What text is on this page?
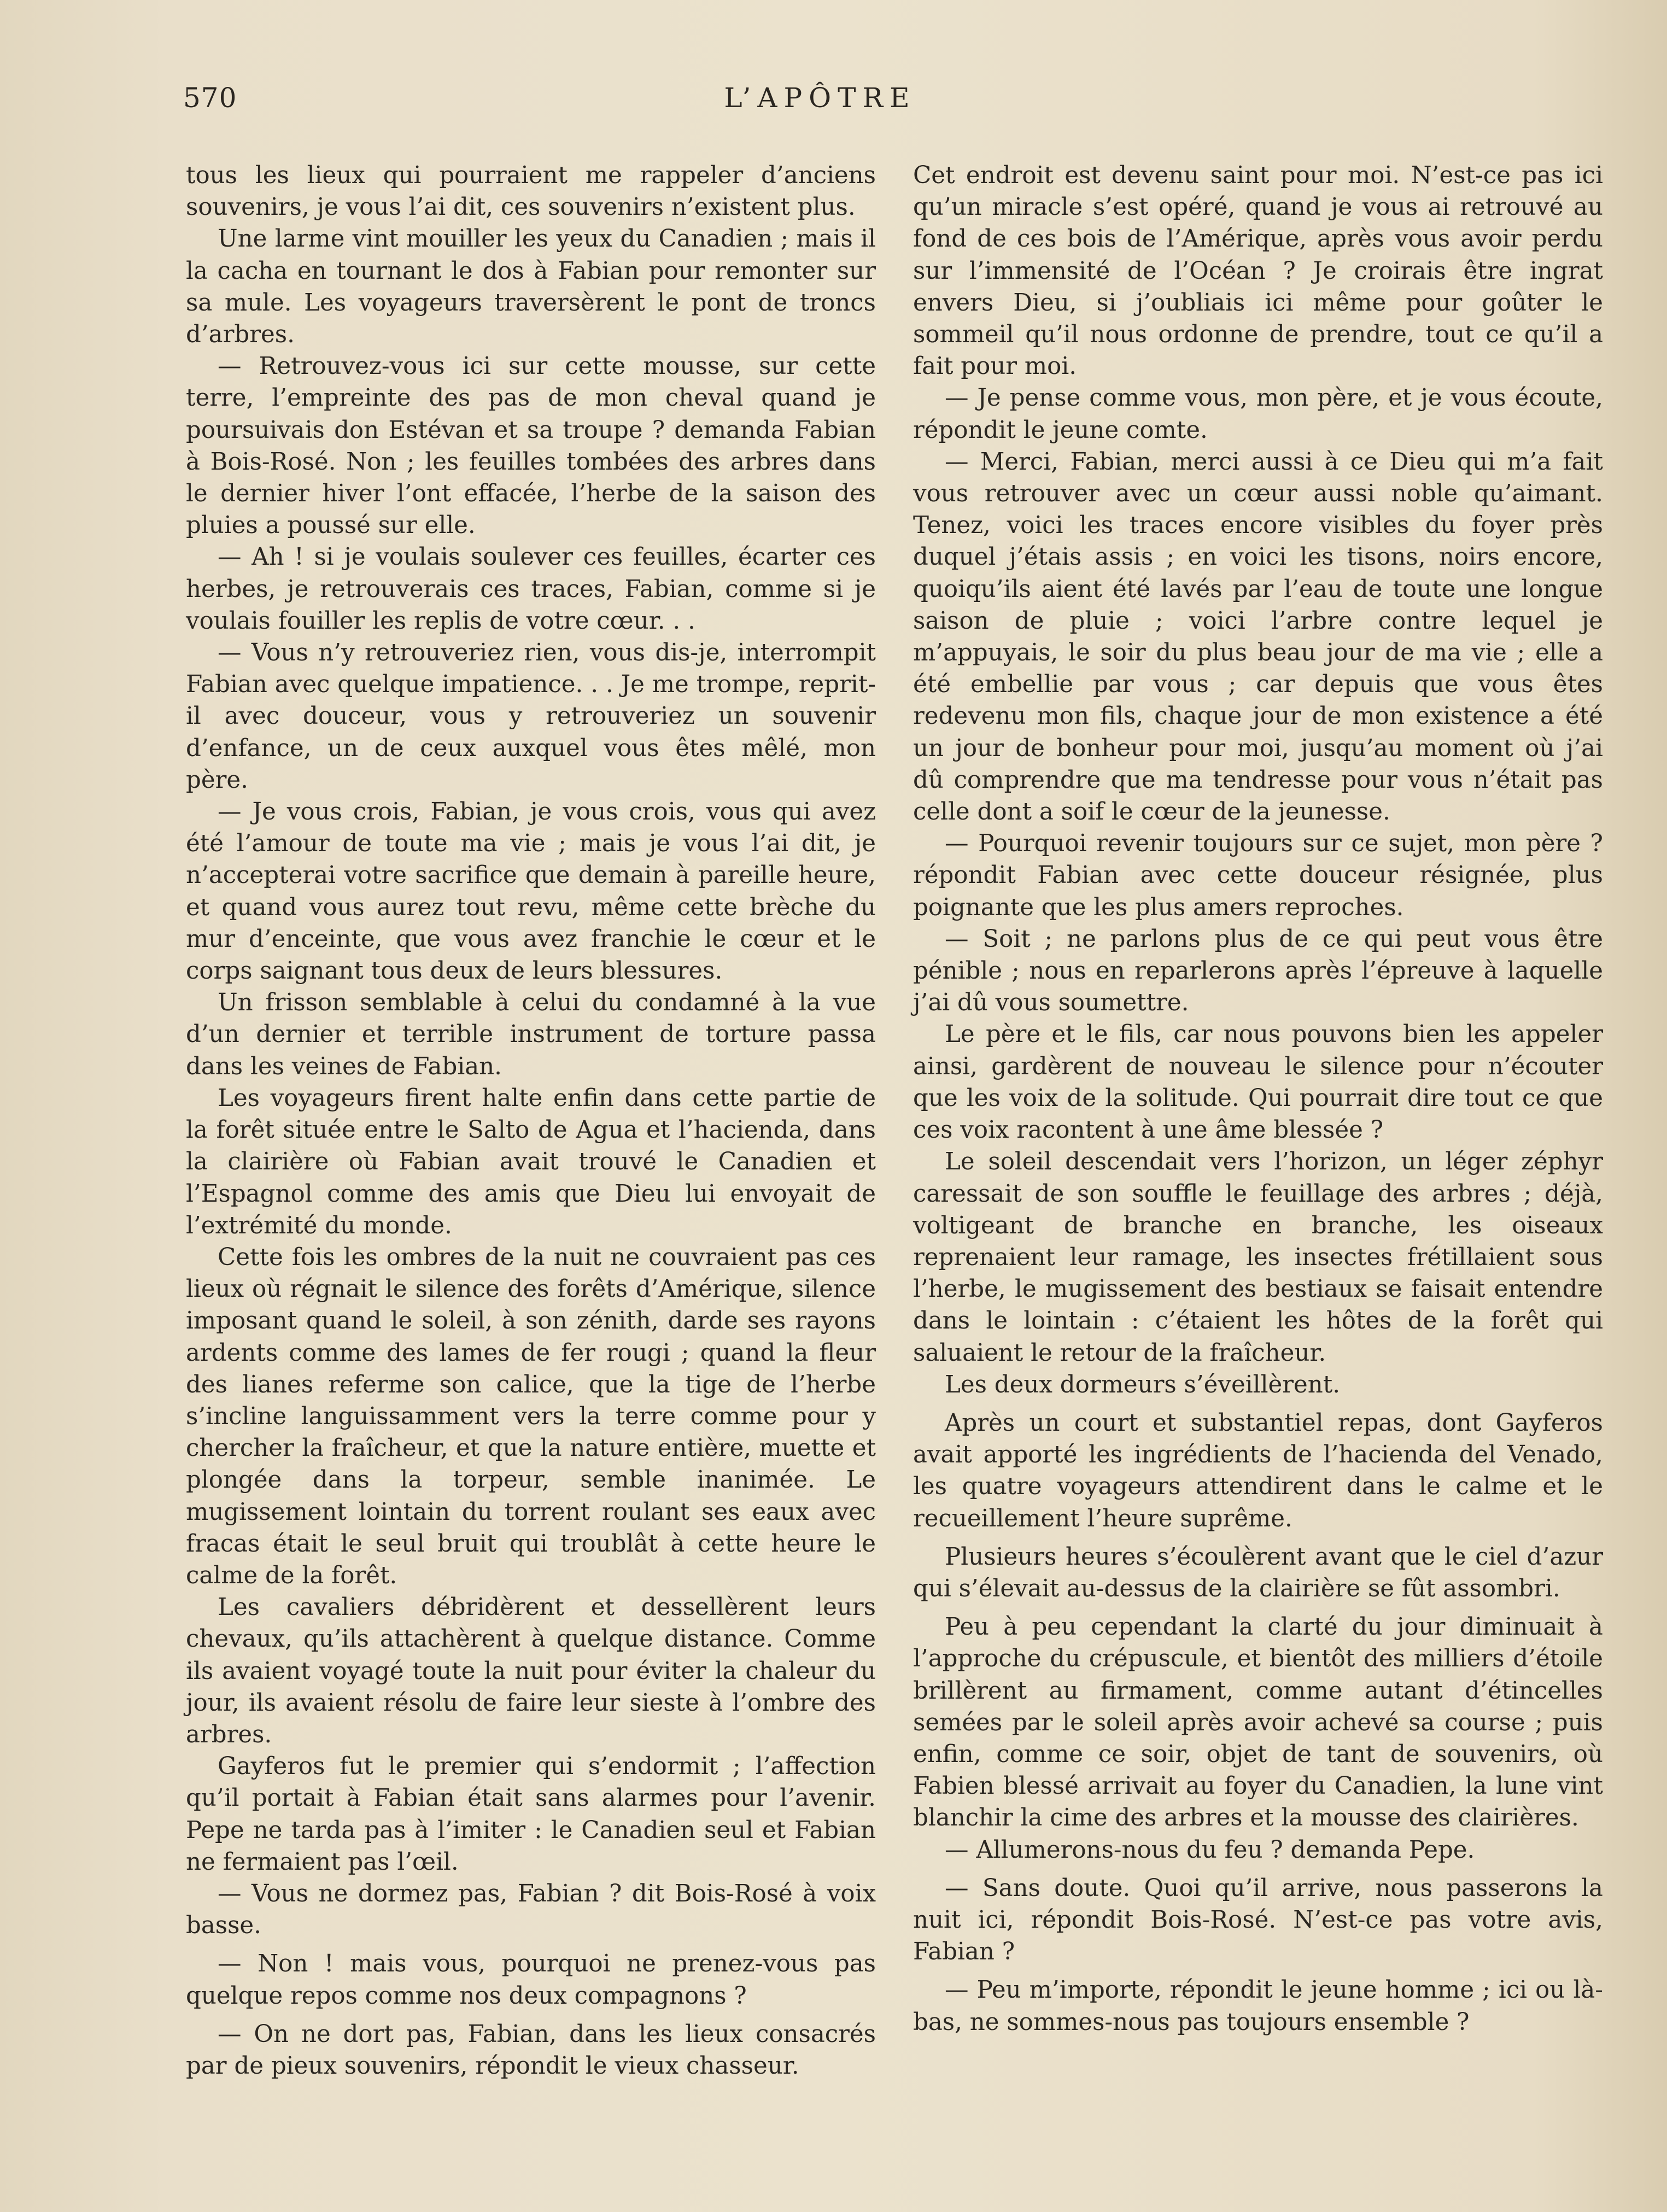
570	L’APÔTRE

tous les lieux qui pourraient me rappeler d’anciens souvenirs, je vous l’ai dit, ces souvenirs n’existent plus.

Une larme vint mouiller les yeux du Canadien ; mais il la cacha en tournant le dos à Fabian pour remonter sur sa mule. Les voyageurs traversèrent le pont de troncs d’arbres.

— Retrouvez-vous ici sur cette mousse, sur cette terre, l’empreinte des pas de mon cheval quand je poursuivais don Estévan et sa troupe ? demanda Fabian à Bois-Rosé. Non ; les feuilles tombées des arbres dans le dernier hiver l’ont effacée, l’herbe de la saison des pluies a poussé sur elle.

— Ah ! si je voulais soulever ces feuilles, écarter ces herbes, je retrouverais ces traces, Fabian, comme si je voulais fouiller les replis de votre cœur. . .

— Vous n’y retrouveriez rien, vous dis-je, interrompit Fabian avec quelque impatience. . . Je me trompe, reprit-il avec douceur, vous y retrouveriez un souvenir d’enfance, un de ceux auxquel vous êtes mêlé, mon père.

— Je vous crois, Fabian, je vous crois, vous qui avez été l’amour de toute ma vie ; mais je vous l’ai dit, je n’accepterai votre sacrifice que demain à pareille heure, et quand vous aurez tout revu, même cette brèche du mur d’enceinte, que vous avez franchie le cœur et le corps saignant tous deux de leurs blessures.

Un frisson semblable à celui du condamné à la vue d’un dernier et terrible instrument de torture passa dans les veines de Fabian.

Les voyageurs firent halte enfin dans cette partie de la forêt située entre le Salto de Agua et l’hacienda, dans la clairière où Fabian avait trouvé le Canadien et l’Espagnol comme des amis que Dieu lui envoyait de l’extrémité du monde.

Cette fois les ombres de la nuit ne couvraient pas ces lieux où régnait le silence des forêts d’Amérique, silence imposant quand le soleil, à son zénith, darde ses rayons ardents comme des lames de fer rougi ; quand la fleur des lianes referme son calice, que la tige de l’herbe s’incline languissamment vers la terre comme pour y chercher la fraîcheur, et que la nature entière, muette et plongée dans la torpeur, semble inanimée. Le mugissement lointain du torrent roulant ses eaux avec fracas était le seul bruit qui troublât à cette heure le calme de la forêt.

Les cavaliers débridèrent et dessellèrent leurs chevaux, qu’ils attachèrent à quelque distance. Comme ils avaient voyagé toute la nuit pour éviter la chaleur du jour, ils avaient résolu de faire leur sieste à l’ombre des arbres.

Gayferos fut le premier qui s’endormit ; l’affection qu’il portait à Fabian était sans alarmes pour l’avenir. Pepe ne tarda pas à l’imiter : le Canadien seul et Fabian ne fermaient pas l’œil.

— Vous ne dormez pas, Fabian ? dit Bois-Rosé à voix basse.

— Non ! mais vous, pourquoi ne prenez-vous pas quelque repos comme nos deux compagnons ?

— On ne dort pas, Fabian, dans les lieux consacrés par de pieux souvenirs, répondit le vieux chasseur.

Cet endroit est devenu saint pour moi. N’est-ce pas ici qu’un miracle s’est opéré, quand je vous ai retrouvé au fond de ces bois de l’Amérique, après vous avoir perdu sur l’immensité de l’Océan ? Je croirais être ingrat envers Dieu, si j’oubliais ici même pour goûter le sommeil qu’il nous ordonne de prendre, tout ce qu’il a fait pour moi.

— Je pense comme vous, mon père, et je vous écoute, répondit le jeune comte.

— Merci, Fabian, merci aussi à ce Dieu qui m’a fait vous retrouver avec un cœur aussi noble qu’aimant. Tenez, voici les traces encore visibles du foyer près duquel j’étais assis ; en voici les tisons, noirs encore, quoiqu’ils aient été lavés par l’eau de toute une longue saison de pluie ; voici l’arbre contre lequel je m’appuyais, le soir du plus beau jour de ma vie ; elle a été embellie par vous ; car depuis que vous êtes redevenu mon fils, chaque jour de mon existence a été un jour de bonheur pour moi, jusqu’au moment où j’ai dû comprendre que ma tendresse pour vous n’était pas celle dont a soif le cœur de la jeunesse.

— Pourquoi revenir toujours sur ce sujet, mon père ? répondit Fabian avec cette douceur résignée, plus poignante que les plus amers reproches.

— Soit ; ne parlons plus de ce qui peut vous être pénible ; nous en reparlerons après l’épreuve à laquelle j’ai dû vous soumettre.

Le père et le fils, car nous pouvons bien les appeler ainsi, gardèrent de nouveau le silence pour n’écouter que les voix de la solitude. Qui pourrait dire tout ce que ces voix racontent à une âme blessée ?

Le soleil descendait vers l’horizon, un léger zéphyr caressait de son souffle le feuillage des arbres ; déjà, voltigeant de branche en branche, les oiseaux reprenaient leur ramage, les insectes frétillaient sous l’herbe, le mugissement des bestiaux se faisait entendre dans le lointain : c’étaient les hôtes de la forêt qui saluaient le retour de la fraîcheur.

Les deux dormeurs s’éveillèrent.

Après un court et substantiel repas, dont Gayferos avait apporté les ingrédients de l’hacienda del Venado, les quatre voyageurs attendirent dans le calme et le recueillement l’heure suprême.

Plusieurs heures s’écoulèrent avant que le ciel d’azur qui s’élevait au-dessus de la clairière se fût assombri.

Peu à peu cependant la clarté du jour diminuait à l’approche du crépuscule, et bientôt des milliers d’étoile brillèrent au firmament, comme autant d’étincelles semées par le soleil après avoir achevé sa course ; puis enfin, comme ce soir, objet de tant de souvenirs, où Fabien blessé arrivait au foyer du Canadien, la lune vint blanchir la cime des arbres et la mousse des clairières.

— Allumerons-nous du feu ? demanda Pepe.

— Sans doute. Quoi qu’il arrive, nous passerons la nuit ici, répondit Bois-Rosé. N’est-ce pas votre avis, Fabian ?

— Peu m’importe, répondit le jeune homme ; ici ou là-bas, ne sommes-nous pas toujours ensemble ?
